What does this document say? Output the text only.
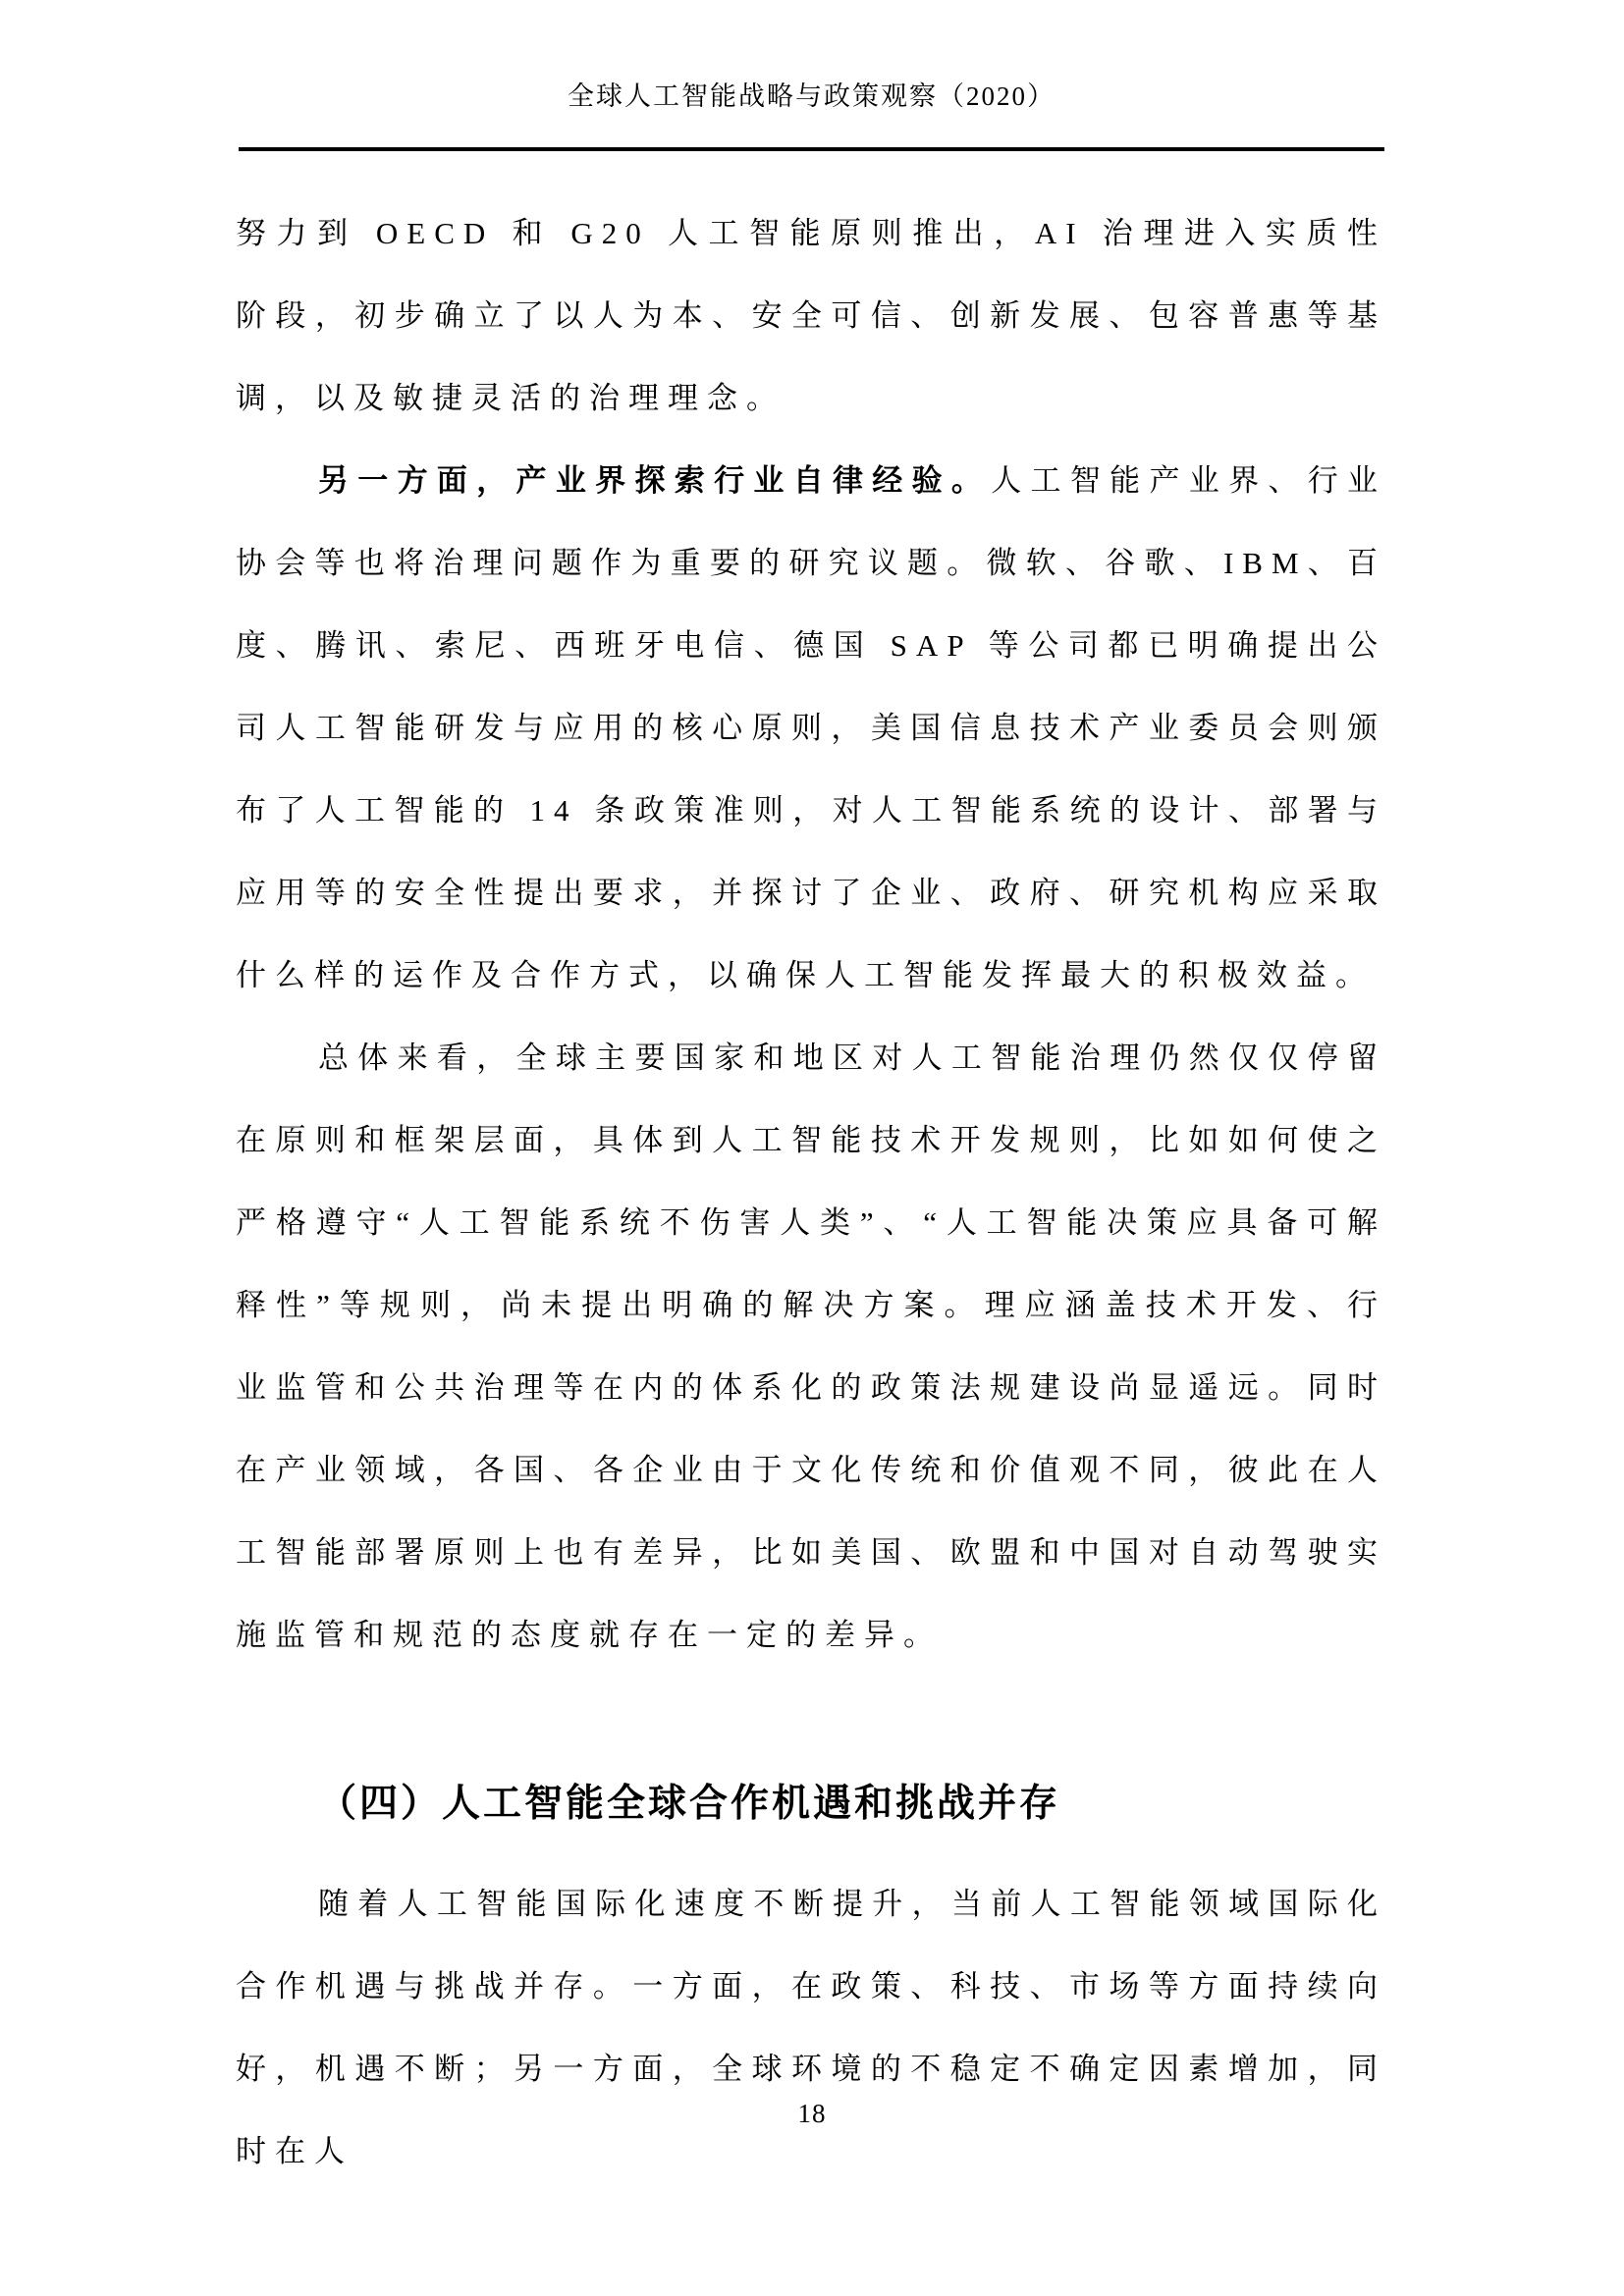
全球人工智能战略与政策观察（2020）

努力到 OECD 和 G20 人工智能原则推出，AI 治理进入实质性阶段，初步确立了以人为本、安全可信、创新发展、包容普惠等基调，以及敏捷灵活的治理理念。

另一方面，产业界探索行业自律经验。人工智能产业界、行业协会等也将治理问题作为重要的研究议题。微软、谷歌、IBM、百度、腾讯、索尼、西班牙电信、德国 SAP 等公司都已明确提出公司人工智能研发与应用的核心原则，美国信息技术产业委员会则颁布了人工智能的 14 条政策准则，对人工智能系统的设计、部署与应用等的安全性提出要求，并探讨了企业、政府、研究机构应采取什么样的运作及合作方式，以确保人工智能发挥最大的积极效益。

总体来看，全球主要国家和地区对人工智能治理仍然仅仅停留在原则和框架层面，具体到人工智能技术开发规则，比如如何使之严格遵守“人工智能系统不伤害人类”、“人工智能决策应具备可解释性”等规则，尚未提出明确的解决方案。理应涵盖技术开发、行业监管和公共治理等在内的体系化的政策法规建设尚显遥远。同时在产业领域，各国、各企业由于文化传统和价值观不同，彼此在人工智能部署原则上也有差异，比如美国、欧盟和中国对自动驾驶实施监管和规范的态度就存在一定的差异。

（四）人工智能全球合作机遇和挑战并存

随着人工智能国际化速度不断提升，当前人工智能领域国际化合作机遇与挑战并存。一方面，在政策、科技、市场等方面持续向好，机遇不断；另一方面，全球环境的不稳定不确定因素增加，同时在人

18
